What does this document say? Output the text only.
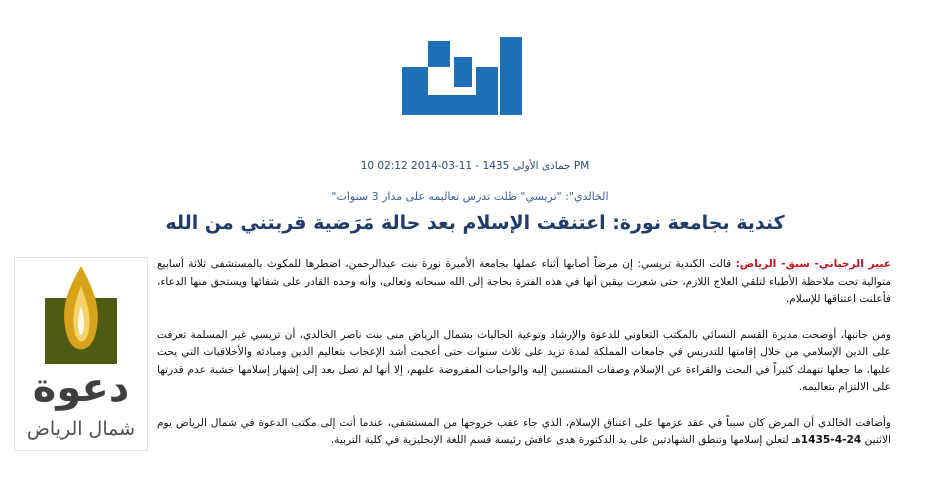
10 جمادى الأولى 1435 - 11-03-2014 02:12 PM
"الخالدي": "تريسي" ظلت تدرس تعاليمه على مدار 3 سنوات
كندية بجامعة نورة: اعتنقت الإسلام بعد حالة مَرَضية قربتني من الله

عبير الرجباني- سبق- الرياض: قالت الكندية تريسي: إن مرضاً أصابها أثناء عملها بجامعة الأميرة نورة بنت عبدالرحمن، اضطرها للمكوث بالمستشفى ثلاثة أسابيع متوالية تحت ملاحظة الأطباء لتلقي العلاج اللازم، حتى شعرت بيقين أنها في هذه الفترة بحاجة إلى الله سبحانه وتعالى، وأنه وحده القادر على شفائها ويستحق منها الدعاء، فأعلنت اعتناقها للإسلام.

ومن جانبها، أوضحت مديرة القسم النسائي بالمكتب التعاوني للدعوة والإرشاد وتوعية الجاليات بشمال الرياض منى بنت ناصر الخالدي، أن تريسي غير المسلمة تعرفت على الدين الإسلامي من خلال إقامتها للتدريس في جامعات المملكة لمدة تزيد على ثلاث سنوات حتى أعجبت أشد الإعجاب بتعاليم الدين ومبادئه والأخلاقيات التي يحث عليها، ما جعلها تنهمك كثيراً في البحث والقراءة عن الإسلام وصفات المنتسبين إليه والواجبات المفروضة عليهم، إلا أنها لم تصل بعد إلى إشهار إسلامها خشية عدم قدرتها على الالتزام بتعاليمه.

وأضافت الخالدي أن المرض كان سبباً في عقد عزمها على اعتناق الإسلام، الذي جاء عقب خروجها من المستشفى، عندما أتت إلى مكتب الدعوة في شمال الرياض يوم الاثنين 24-4-1435هـ لتعلن إسلامها وتنطق الشهادتين على يد الدكتورة هدى عافش رئيسة قسم اللغة الإنجليزية في كلية التربية.

دعوة
شمال الرياض
